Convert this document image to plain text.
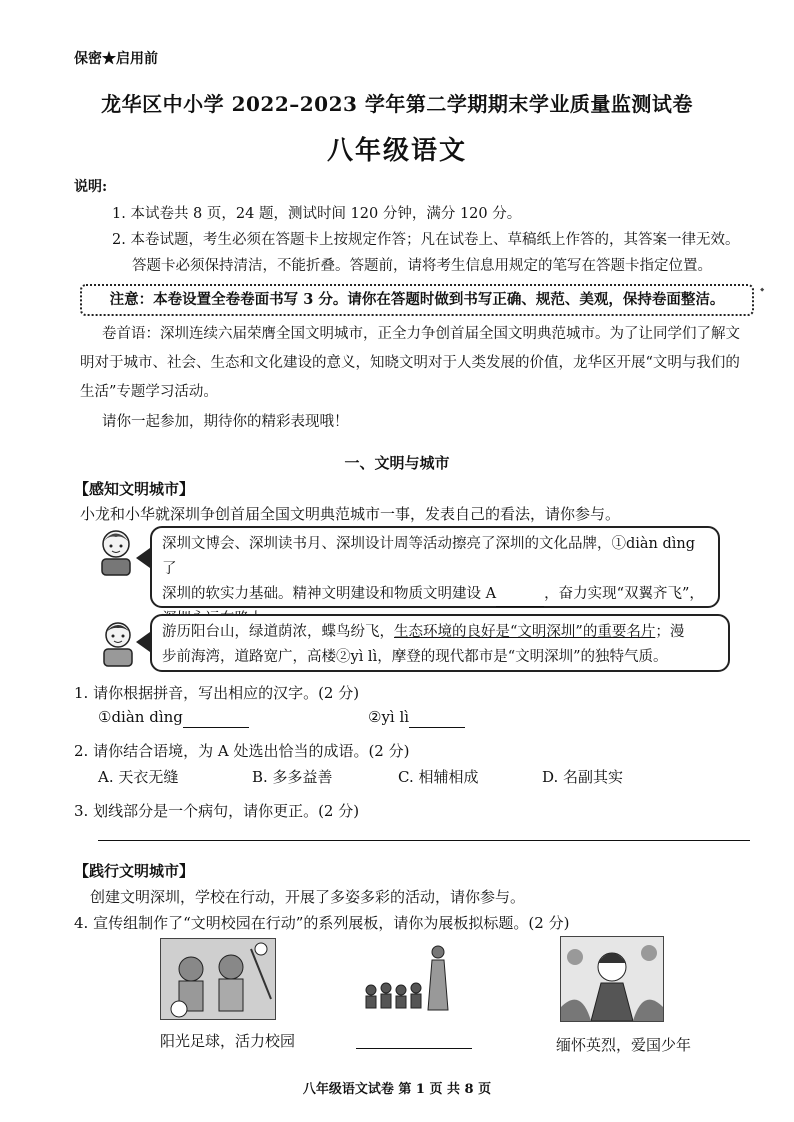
保密★启用前
龙华区中小学 2022–2023 学年第二学期期末学业质量监测试卷
八年级语文
说明:
1. 本试卷共 8 页，24 题，测试时间 120 分钟，满分 120 分。
2. 本卷试题，考生必须在答题卡上按规定作答；凡在试卷上、草稿纸上作答的，其答案一律无效。
答题卡必须保持清洁，不能折叠。答题前，请将考生信息用规定的笔写在答题卡指定位置。
注意：本卷设置全卷卷面书写 3 分。请你在答题时做到书写正确、规范、美观，保持卷面整洁。
⬩
卷首语：深圳连续六届荣膺全国文明城市，正全力争创首届全国文明典范城市。为了让同学们了解文
明对于城市、社会、生态和文化建设的意义，知晓文明对于人类发展的价值，龙华区开展“文明与我们的
生活”专题学习活动。
请你一起参加，期待你的精彩表现哦！
一、文明与城市
【感知文明城市】
小龙和小华就深圳争创首届全国文明典范城市一事，发表自己的看法，请你参与。
深圳文博会、深圳读书月、深圳设计周等活动擦亮了深圳的文化品牌，①diàn dìng了
深圳的软实力基础。精神文明建设和物质文明建设 A	，奋力实现“双翼齐飞”，
游历阳台山，绿道荫浓，蝶鸟纷飞，生态环境的良好是“文明深圳”的重要名片；漫
步前海湾，道路宽广，高楼②yì lì，摩登的现代都市是“文明深圳”的独特气质。
1. 请你根据拼音，写出相应的汉字。(2 分)
①diàn dìng	②yì lì
2. 请你结合语境，为 A 处选出恰当的成语。(2 分)
A. 天衣无缝	B. 多多益善	C. 相辅相成	D. 名副其实
3. 划线部分是一个病句，请你更正。(2 分)
【践行文明城市】
创建文明深圳，学校在行动，开展了多姿多彩的活动，请你参与。
4. 宣传组制作了“文明校园在行动”的系列展板，请你为展板拟标题。(2 分)
阳光足球，活力校园	缅怀英烈，爱国少年
八年级语文试卷 第 1 页 共 8 页
